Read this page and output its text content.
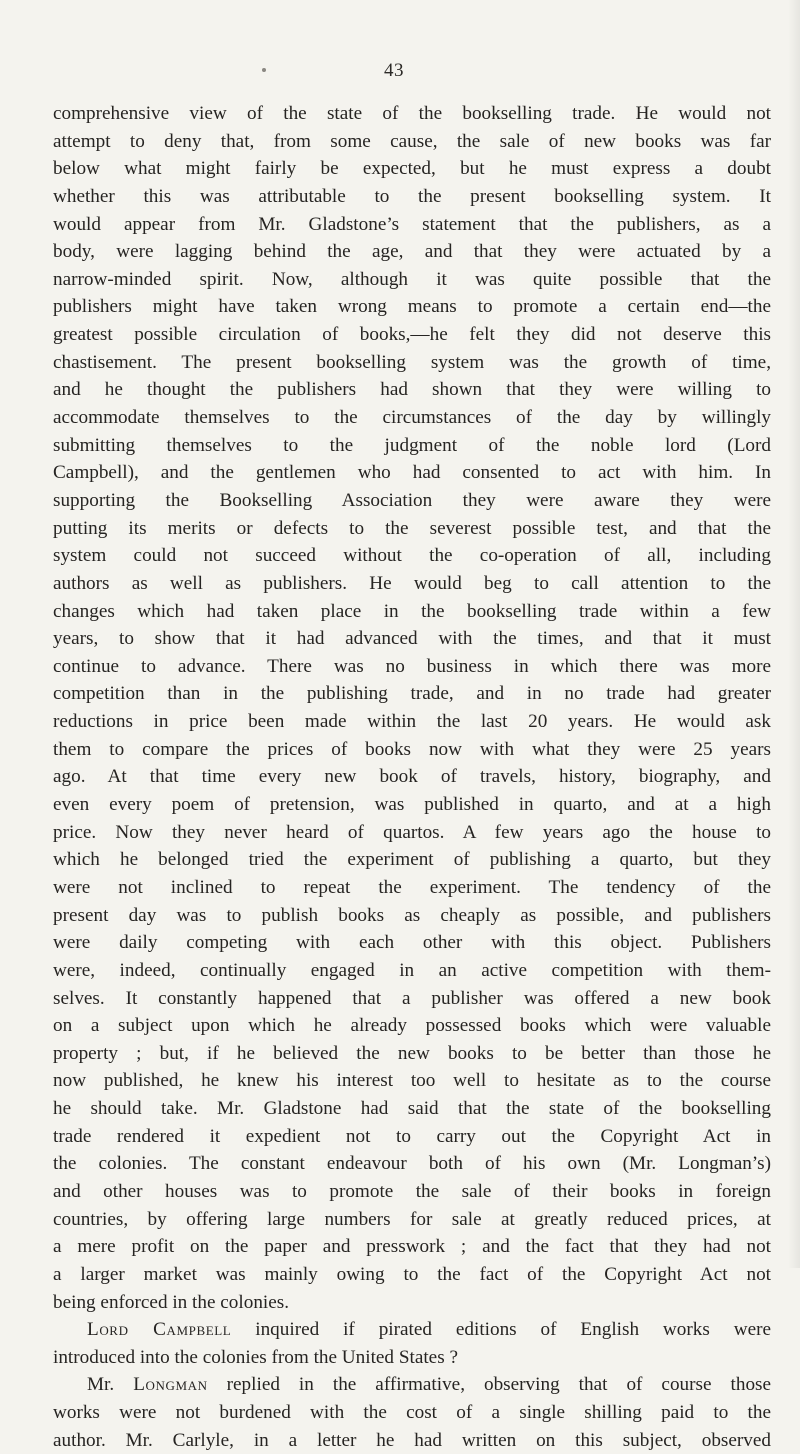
43
comprehensive view of the state of the bookselling trade. He would not
attempt to deny that, from some cause, the sale of new books was far
below what might fairly be expected, but he must express a doubt
whether this was attributable to the present bookselling system. It
would appear from Mr. Gladstone’s statement that the publishers, as a
body, were lagging behind the age, and that they were actuated by a
narrow-minded spirit. Now, although it was quite possible that the
publishers might have taken wrong means to promote a certain end—the
greatest possible circulation of books,—he felt they did not deserve this
chastisement. The present bookselling system was the growth of time,
and he thought the publishers had shown that they were willing to
accommodate themselves to the circumstances of the day by willingly
submitting themselves to the judgment of the noble lord (Lord
Campbell), and the gentlemen who had consented to act with him. In
supporting the Bookselling Association they were aware they were
putting its merits or defects to the severest possible test, and that the
system could not succeed without the co-operation of all, including
authors as well as publishers. He would beg to call attention to the
changes which had taken place in the bookselling trade within a few
years, to show that it had advanced with the times, and that it must
continue to advance. There was no business in which there was more
competition than in the publishing trade, and in no trade had greater
reductions in price been made within the last 20 years. He would ask
them to compare the prices of books now with what they were 25 years
ago. At that time every new book of travels, history, biography, and
even every poem of pretension, was published in quarto, and at a high
price. Now they never heard of quartos. A few years ago the house to
which he belonged tried the experiment of publishing a quarto, but they
were not inclined to repeat the experiment. The tendency of the
present day was to publish books as cheaply as possible, and publishers
were daily competing with each other with this object. Publishers
were, indeed, continually engaged in an active competition with them-
selves. It constantly happened that a publisher was offered a new book
on a subject upon which he already possessed books which were valuable
property ; but, if he believed the new books to be better than those he
now published, he knew his interest too well to hesitate as to the course
he should take. Mr. Gladstone had said that the state of the bookselling
trade rendered it expedient not to carry out the Copyright Act in
the colonies. The constant endeavour both of his own (Mr. Longman’s)
and other houses was to promote the sale of their books in foreign
countries, by offering large numbers for sale at greatly reduced prices, at
a mere profit on the paper and presswork ; and the fact that they had not
a larger market was mainly owing to the fact of the Copyright Act not
being enforced in the colonies.
Lord Campbell inquired if pirated editions of English works were
introduced into the colonies from the United States ?
Mr. Longman replied in the affirmative, observing that of course those
works were not burdened with the cost of a single shilling paid to the
author. Mr. Carlyle, in a letter he had written on this subject, observed
